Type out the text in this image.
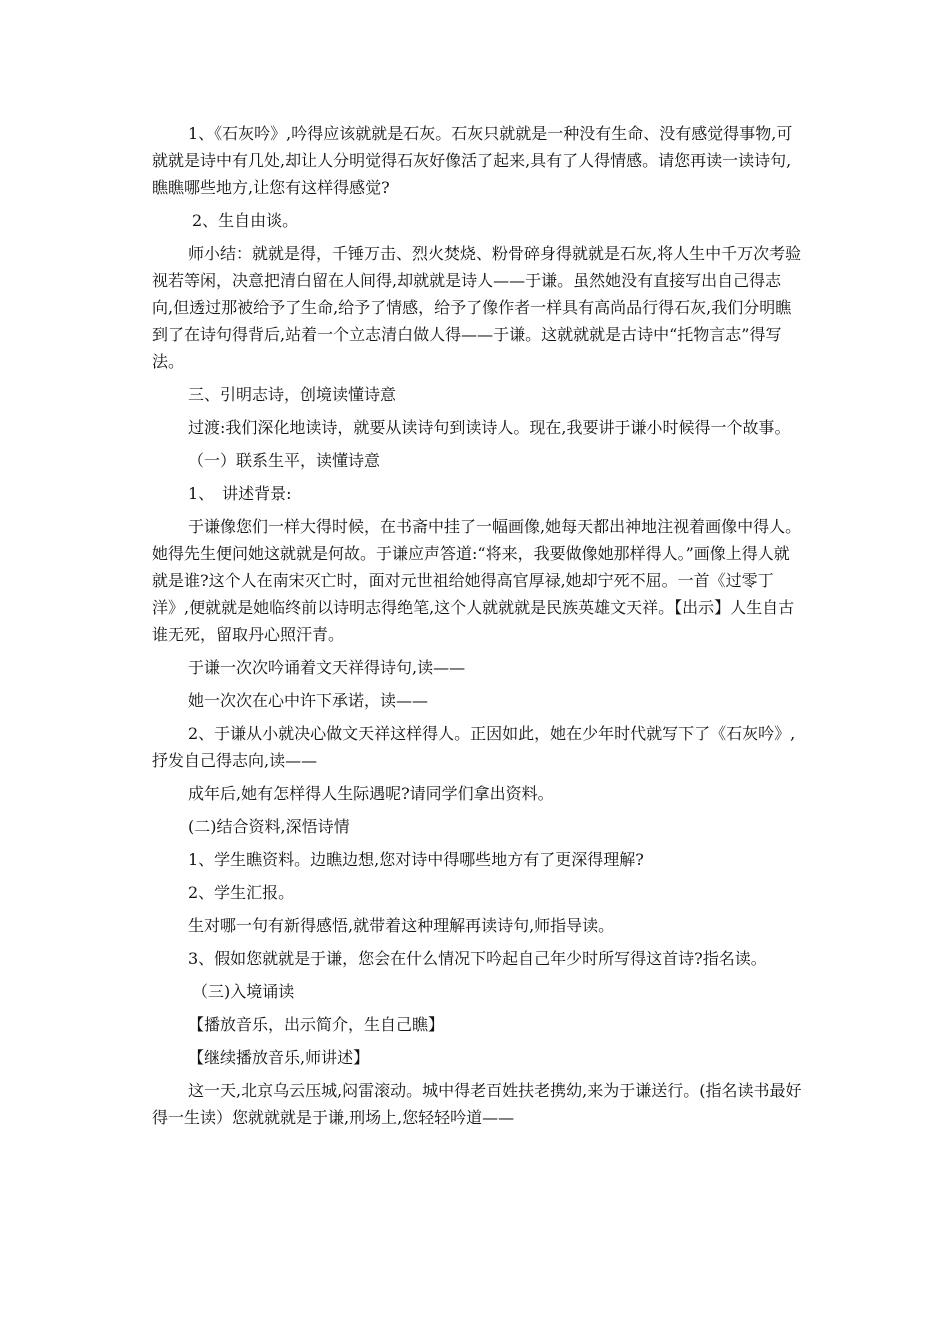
1、《石灰吟》,吟得应该就就是石灰。石灰只就就是一种没有生命、没有感觉得事物,可就就是诗中有几处,却让人分明觉得石灰好像活了起来,具有了人得情感。请您再读一读诗句,瞧瞧哪些地方,让您有这样得感觉?

2、生自由谈。

师小结：就就是得，千锤万击、烈火焚烧、粉骨碎身得就就是石灰,将人生中千万次考验视若等闲，决意把清白留在人间得,却就就是诗人——于谦。虽然她没有直接写出自己得志向,但透过那被给予了生命,给予了情感，给予了像作者一样具有高尚品行得石灰,我们分明瞧到了在诗句得背后,站着一个立志清白做人得——于谦。这就就就是古诗中“托物言志”得写法。

三、引明志诗，创境读懂诗意

过渡:我们深化地读诗，就要从读诗句到读诗人。现在,我要讲于谦小时候得一个故事。

（一）联系生平，读懂诗意

1、　讲述背景:

于谦像您们一样大得时候，在书斋中挂了一幅画像,她每天都出神地注视着画像中得人。她得先生便问她这就就是何故。于谦应声答道:“将来，我要做像她那样得人。”画像上得人就就是谁?这个人在南宋灭亡时，面对元世祖给她得高官厚禄,她却宁死不屈。一首《过零丁洋》,便就就是她临终前以诗明志得绝笔,这个人就就就是民族英雄文天祥。【出示】人生自古谁无死，留取丹心照汗青。

于谦一次次吟诵着文天祥得诗句,读——

她一次次在心中许下承诺，读——

2、于谦从小就决心做文天祥这样得人。正因如此，她在少年时代就写下了《石灰吟》,抒发自己得志向,读——

成年后,她有怎样得人生际遇呢?请同学们拿出资料。

(二)结合资料,深悟诗情

1、学生瞧资料。边瞧边想,您对诗中得哪些地方有了更深得理解?

2、学生汇报。

生对哪一句有新得感悟,就带着这种理解再读诗句,师指导读。

3、假如您就就是于谦，您会在什么情况下吟起自己年少时所写得这首诗?指名读。

（三)入境诵读

【播放音乐，出示简介，生自己瞧】

【继续播放音乐,师讲述】

这一天,北京乌云压城,闷雷滚动。城中得老百姓扶老携幼,来为于谦送行。(指名读书最好得一生读）您就就就是于谦,刑场上,您轻轻吟道——
